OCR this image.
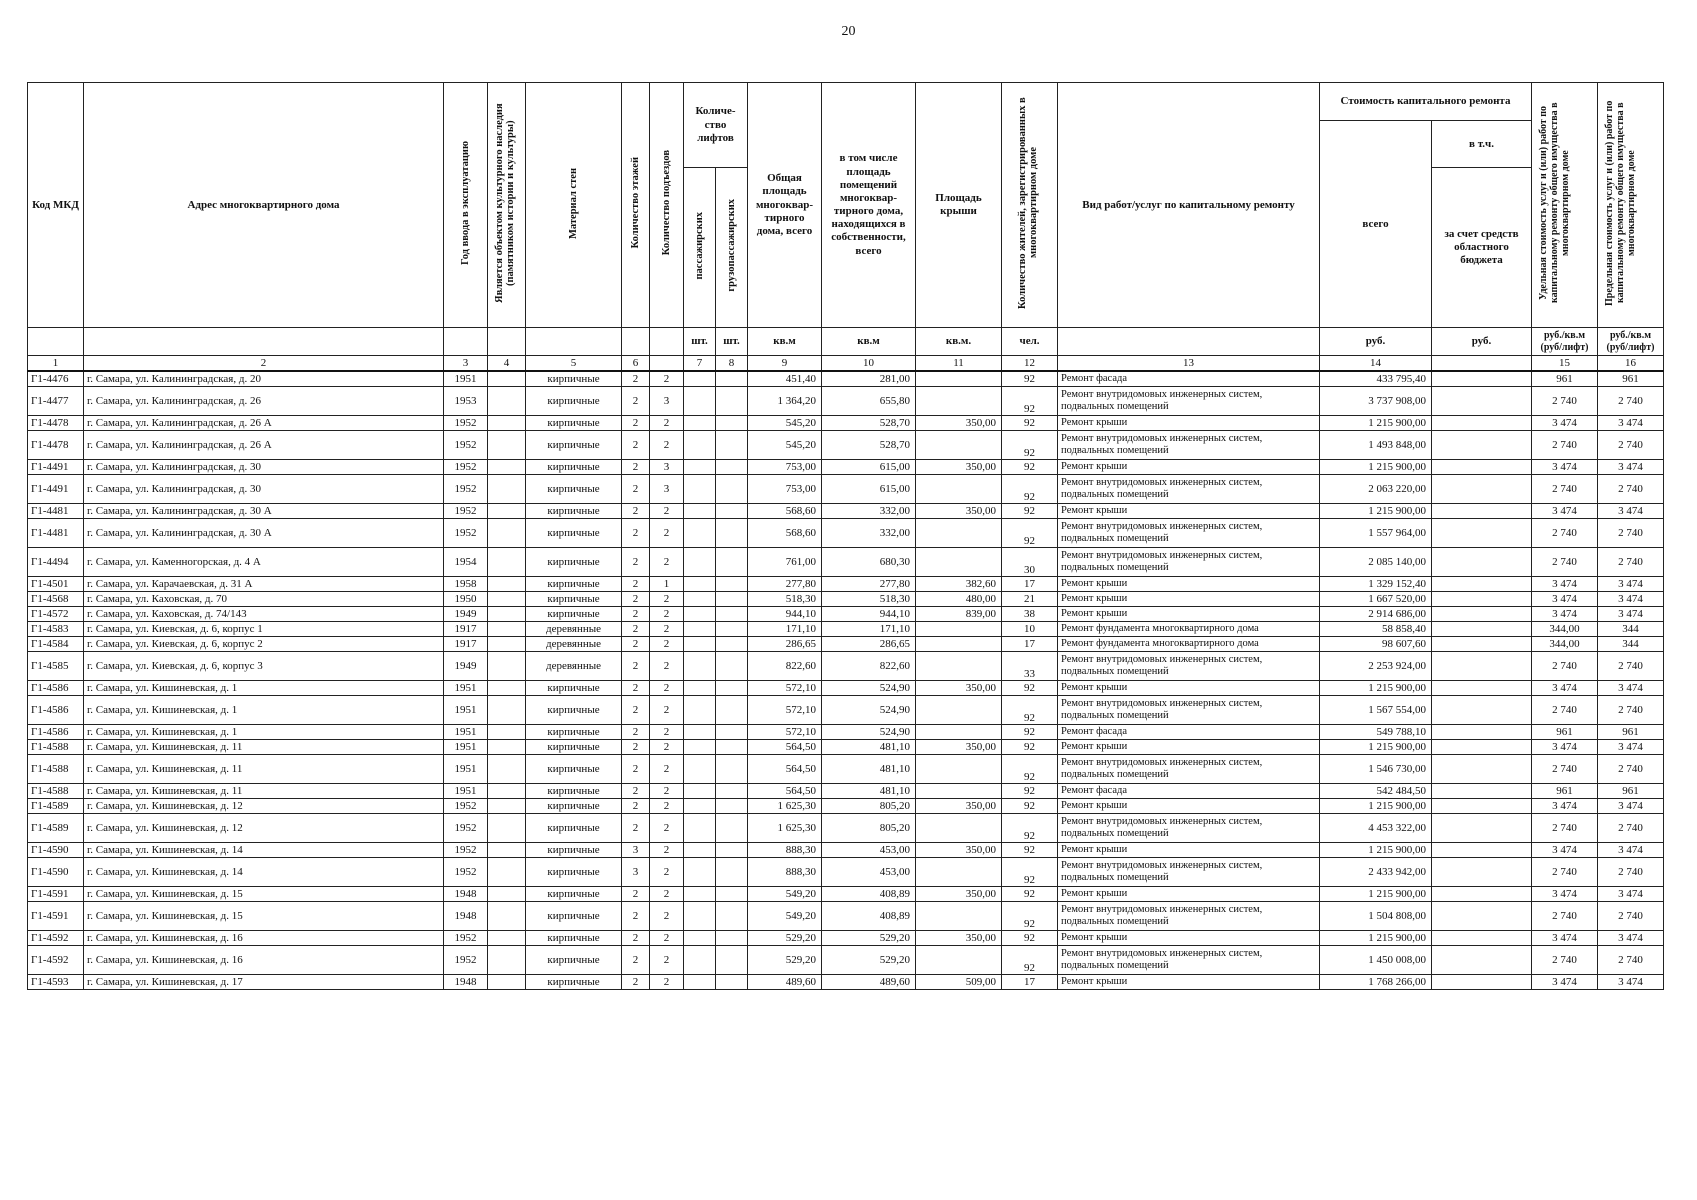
20
Код МКД	Адрес многоквартирного дома	Год ввода в эксплуатацию	Является объектом культурного наследия (памятником истории и культуры)	Материал стен	Количество этажей	Количество подъездов	Количе-ство лифтов		Общая площадь многоквар-тирного дома, всего	в том числе площадь помещений многоквар-тирного дома, находящихся в собственности, всего	Площадь крыши	Количество жителей, зарегистрированных в многоквартирном доме	Вид работ/услуг по капитальному ремонту	Стоимость капитального ремонта		Удельная стоимость услуг и (или) работ по капитальному ремонту общего имущества в многоквартирном доме	Предельная стоимость услуг и (или) работ по капитальному ремонту общего имущества в многоквартирном доме
														всего	в т.ч.		
							пассажирских	грузопассажирских							за счет средств областного бюджета		
							шт.	шт.	кв.м	кв.м	кв.м.	чел.		руб.	руб.	руб./кв.м (руб/лифт)	руб./кв.м (руб/лифт)
1	2	3	4	5	6		7	8	9	10	11	12	13	14		15	16
Г1-4476	г. Самара, ул. Калининградская, д. 20	1951		кирпичные	2	2			451,40	281,00		92	Ремонт фасада	433 795,40		961	961
Г1-4477	г. Самара, ул. Калининградская, д. 26	1953		кирпичные	2	3			1 364,20	655,80		92	Ремонт внутридомовых инженерных систем, подвальных помещений	3 737 908,00		2 740	2 740
Г1-4478	г. Самара, ул. Калининградская, д. 26 А	1952		кирпичные	2	2			545,20	528,70	350,00	92	Ремонт крыши	1 215 900,00		3 474	3 474
Г1-4478	г. Самара, ул. Калининградская, д. 26 А	1952		кирпичные	2	2			545,20	528,70		92	Ремонт внутридомовых инженерных систем, подвальных помещений	1 493 848,00		2 740	2 740
Г1-4491	г. Самара, ул. Калининградская, д. 30	1952		кирпичные	2	3			753,00	615,00	350,00	92	Ремонт крыши	1 215 900,00		3 474	3 474
Г1-4491	г. Самара, ул. Калининградская, д. 30	1952		кирпичные	2	3			753,00	615,00		92	Ремонт внутридомовых инженерных систем, подвальных помещений	2 063 220,00		2 740	2 740
Г1-4481	г. Самара, ул. Калининградская, д. 30 А	1952		кирпичные	2	2			568,60	332,00	350,00	92	Ремонт крыши	1 215 900,00		3 474	3 474
Г1-4481	г. Самара, ул. Калининградская, д. 30 А	1952		кирпичные	2	2			568,60	332,00		92	Ремонт внутридомовых инженерных систем, подвальных помещений	1 557 964,00		2 740	2 740
Г1-4494	г. Самара, ул. Каменногорская, д. 4 А	1954		кирпичные	2	2			761,00	680,30		30	Ремонт внутридомовых инженерных систем, подвальных помещений	2 085 140,00		2 740	2 740
Г1-4501	г. Самара, ул. Карачаевская, д. 31 А	1958		кирпичные	2	1			277,80	277,80	382,60	17	Ремонт крыши	1 329 152,40		3 474	3 474
Г1-4568	г. Самара, ул. Каховская, д. 70	1950		кирпичные	2	2			518,30	518,30	480,00	21	Ремонт крыши	1 667 520,00		3 474	3 474
Г1-4572	г. Самара, ул. Каховская, д. 74/143	1949		кирпичные	2	2			944,10	944,10	839,00	38	Ремонт крыши	2 914 686,00		3 474	3 474
Г1-4583	г. Самара, ул. Киевская, д. 6, корпус 1	1917		деревянные	2	2			171,10	171,10		10	Ремонт фундамента многоквартирного дома	58 858,40		344,00	344
Г1-4584	г. Самара, ул. Киевская, д. 6, корпус 2	1917		деревянные	2	2			286,65	286,65		17	Ремонт фундамента многоквартирного дома	98 607,60		344,00	344
Г1-4585	г. Самара, ул. Киевская, д. 6, корпус 3	1949		деревянные	2	2			822,60	822,60		33	Ремонт внутридомовых инженерных систем, подвальных помещений	2 253 924,00		2 740	2 740
Г1-4586	г. Самара, ул. Кишиневская, д. 1	1951		кирпичные	2	2			572,10	524,90	350,00	92	Ремонт крыши	1 215 900,00		3 474	3 474
Г1-4586	г. Самара, ул. Кишиневская, д. 1	1951		кирпичные	2	2			572,10	524,90		92	Ремонт внутридомовых инженерных систем, подвальных помещений	1 567 554,00		2 740	2 740
Г1-4586	г. Самара, ул. Кишиневская, д. 1	1951		кирпичные	2	2			572,10	524,90		92	Ремонт фасада	549 788,10		961	961
Г1-4588	г. Самара, ул. Кишиневская, д. 11	1951		кирпичные	2	2			564,50	481,10	350,00	92	Ремонт крыши	1 215 900,00		3 474	3 474
Г1-4588	г. Самара, ул. Кишиневская, д. 11	1951		кирпичные	2	2			564,50	481,10		92	Ремонт внутридомовых инженерных систем, подвальных помещений	1 546 730,00		2 740	2 740
Г1-4588	г. Самара, ул. Кишиневская, д. 11	1951		кирпичные	2	2			564,50	481,10		92	Ремонт фасада	542 484,50		961	961
Г1-4589	г. Самара, ул. Кишиневская, д. 12	1952		кирпичные	2	2			1 625,30	805,20	350,00	92	Ремонт крыши	1 215 900,00		3 474	3 474
Г1-4589	г. Самара, ул. Кишиневская, д. 12	1952		кирпичные	2	2			1 625,30	805,20		92	Ремонт внутридомовых инженерных систем, подвальных помещений	4 453 322,00		2 740	2 740
Г1-4590	г. Самара, ул. Кишиневская, д. 14	1952		кирпичные	3	2			888,30	453,00	350,00	92	Ремонт крыши	1 215 900,00		3 474	3 474
Г1-4590	г. Самара, ул. Кишиневская, д. 14	1952		кирпичные	3	2			888,30	453,00		92	Ремонт внутридомовых инженерных систем, подвальных помещений	2 433 942,00		2 740	2 740
Г1-4591	г. Самара, ул. Кишиневская, д. 15	1948		кирпичные	2	2			549,20	408,89	350,00	92	Ремонт крыши	1 215 900,00		3 474	3 474
Г1-4591	г. Самара, ул. Кишиневская, д. 15	1948		кирпичные	2	2			549,20	408,89		92	Ремонт внутридомовых инженерных систем, подвальных помещений	1 504 808,00		2 740	2 740
Г1-4592	г. Самара, ул. Кишиневская, д. 16	1952		кирпичные	2	2			529,20	529,20	350,00	92	Ремонт крыши	1 215 900,00		3 474	3 474
Г1-4592	г. Самара, ул. Кишиневская, д. 16	1952		кирпичные	2	2			529,20	529,20		92	Ремонт внутридомовых инженерных систем, подвальных помещений	1 450 008,00		2 740	2 740
Г1-4593	г. Самара, ул. Кишиневская, д. 17	1948		кирпичные	2	2			489,60	489,60	509,00	17	Ремонт крыши	1 768 266,00		3 474	3 474
